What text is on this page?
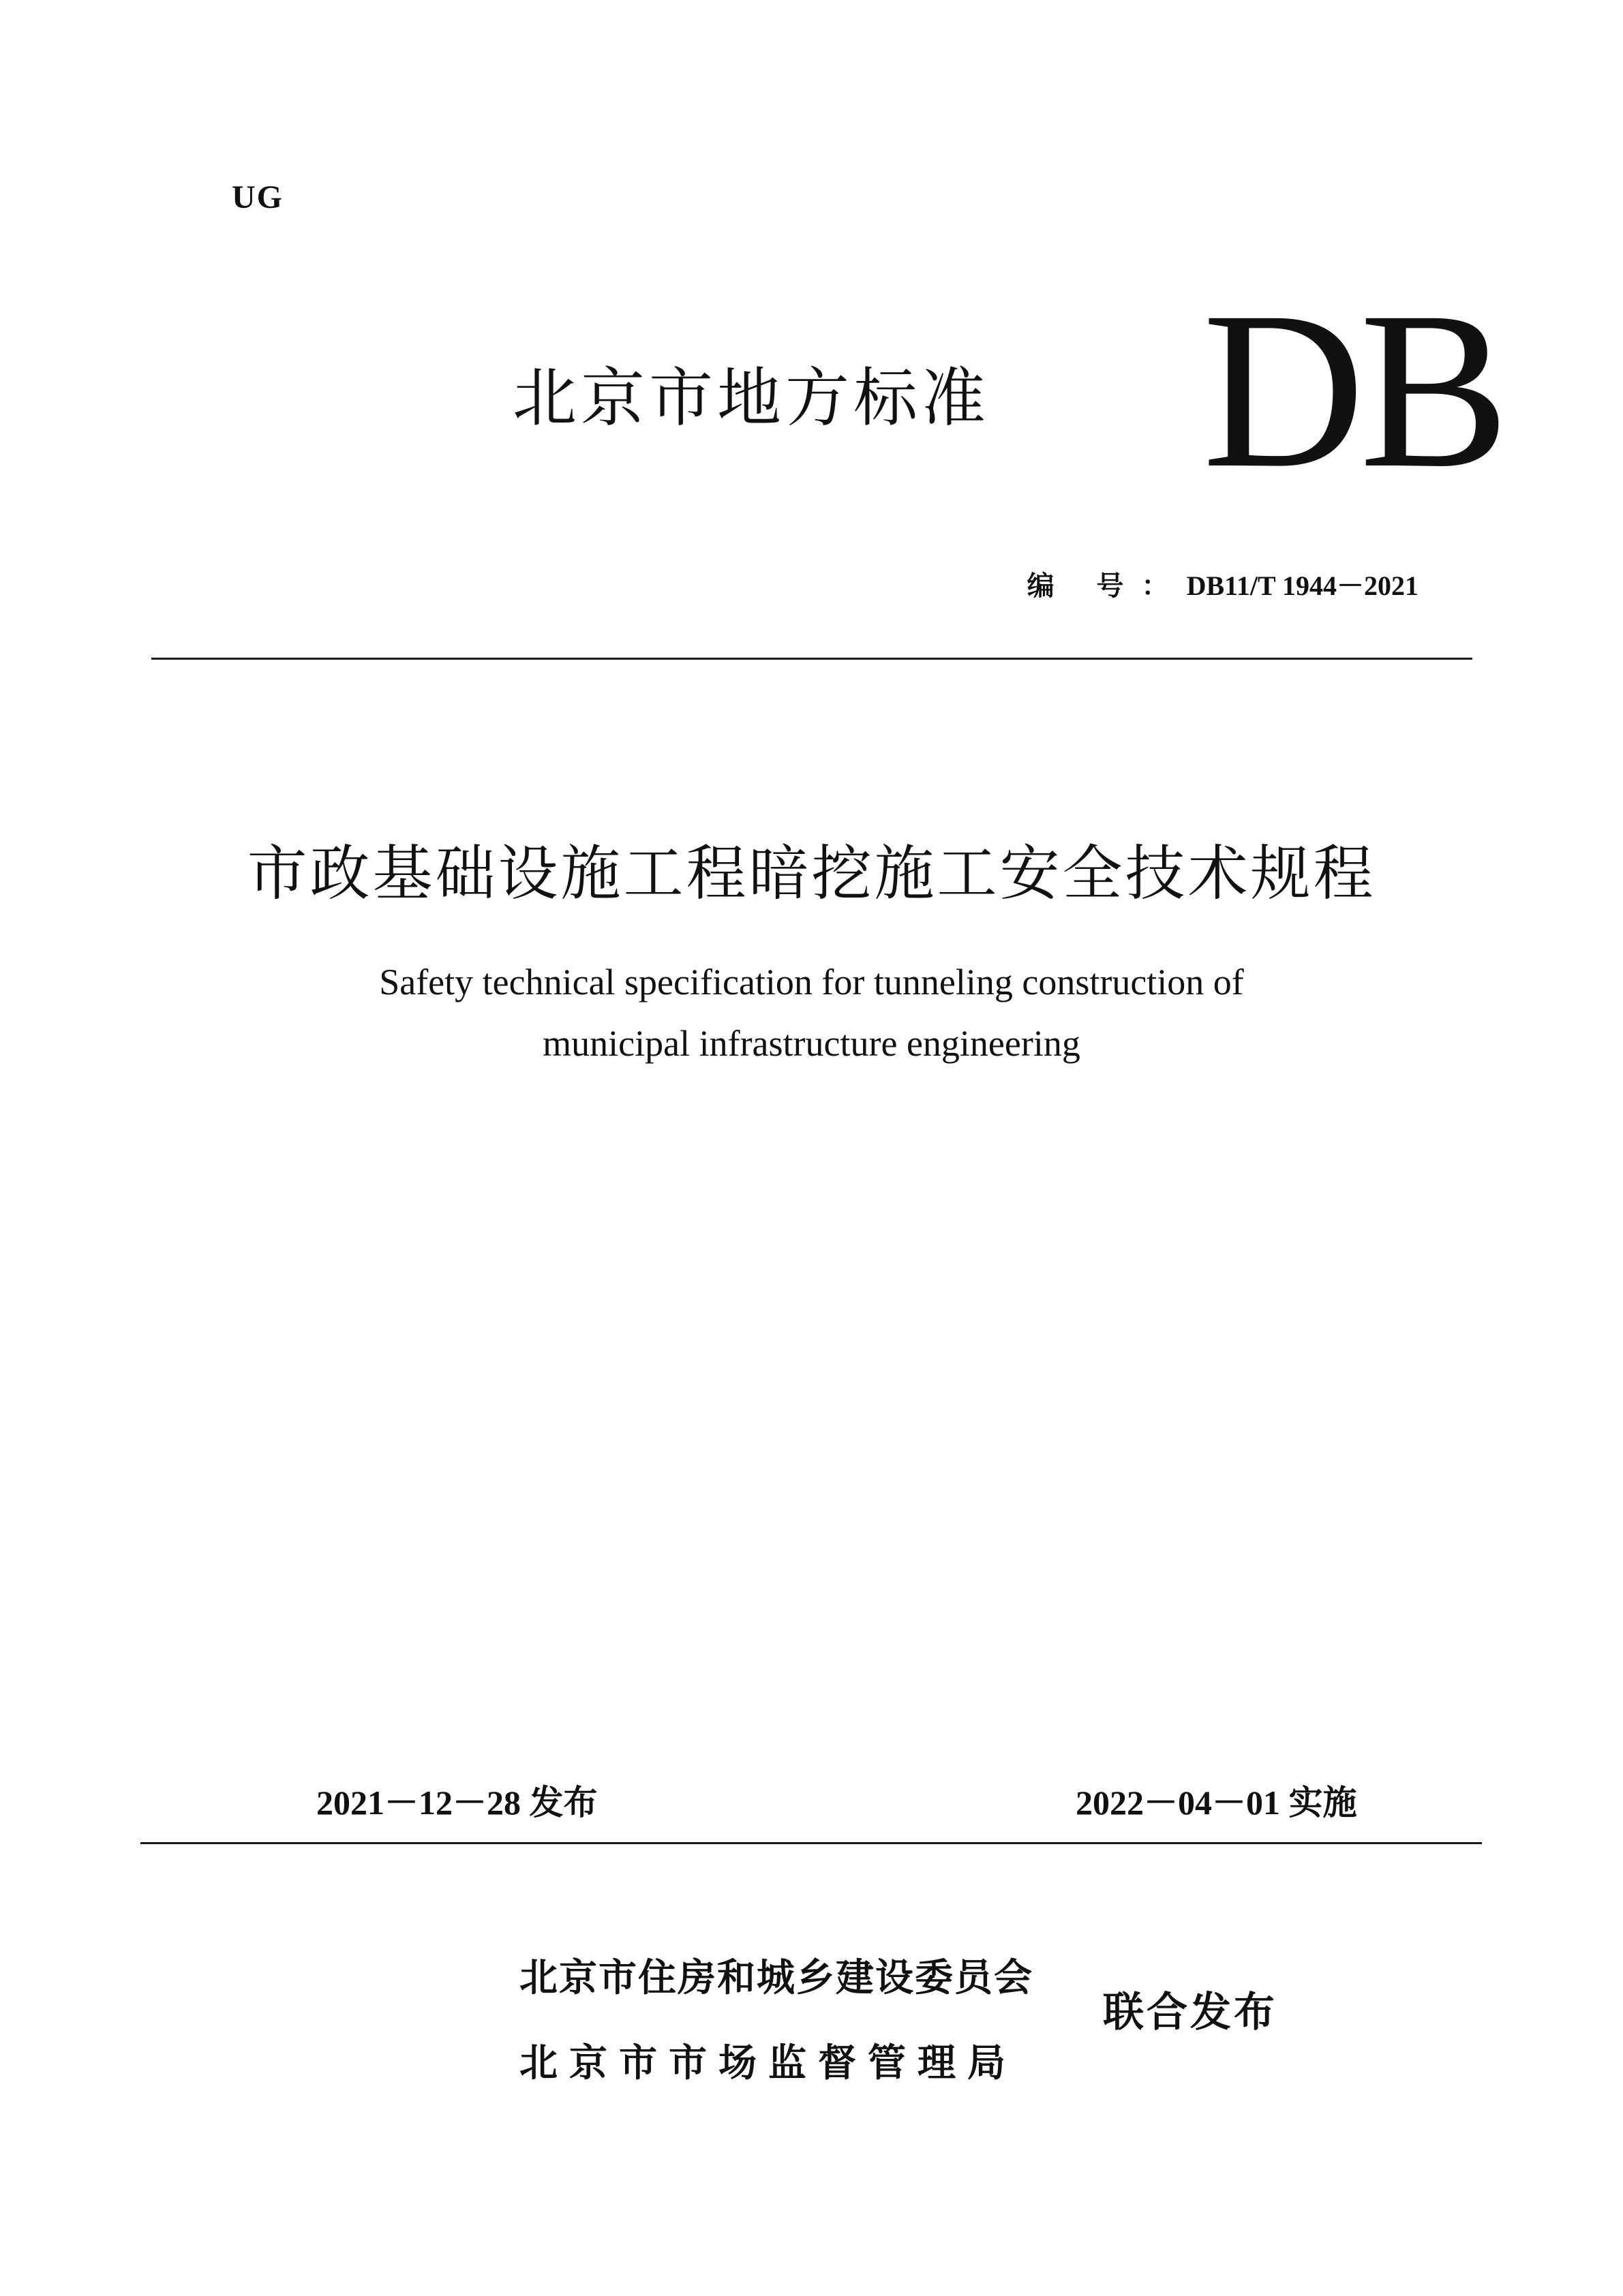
UG
北京市地方标准 DB
编 号：DB11/T 1944－2021
市政基础设施工程暗挖施工安全技术规程
Safety technical specification for tunneling construction of
municipal infrastructure engineering
2021－12－28 发布	2022－04－01 实施
北京市住房和城乡建设委员会
北京市市场监督管理局
联合发布
